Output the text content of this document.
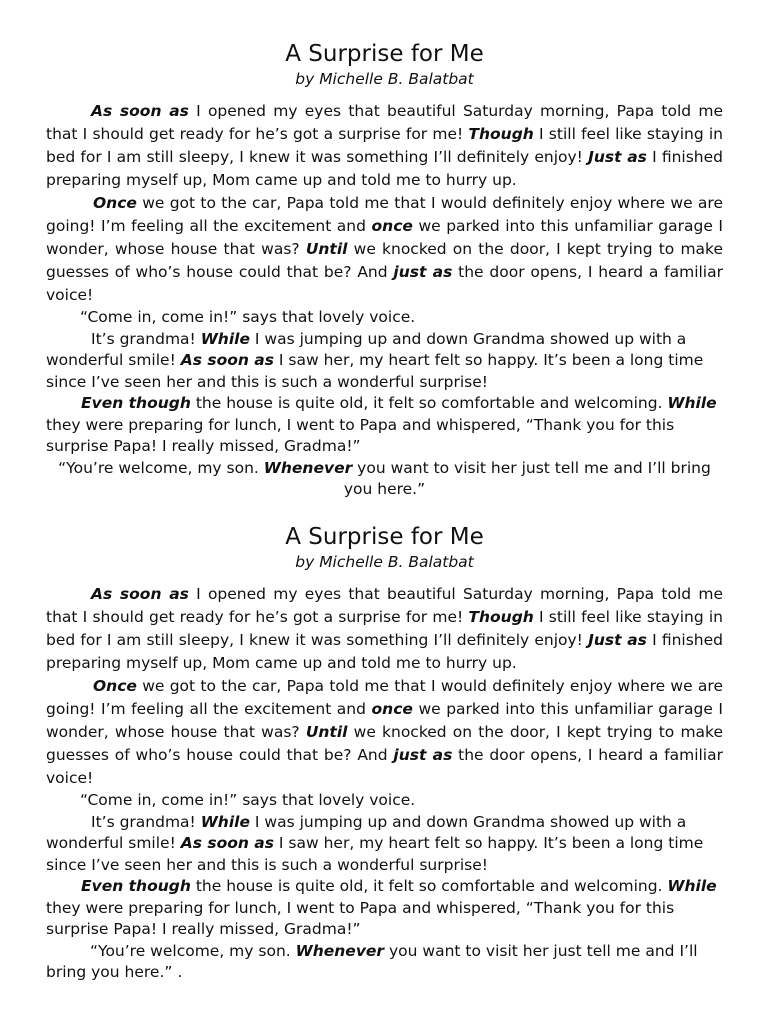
A Surprise for Me
by Michelle B. Balatbat

As soon as I opened my eyes that beautiful Saturday morning, Papa told me that I should get ready for he’s got a surprise for me! Though I still feel like staying in bed for I am still sleepy, I knew it was something I’ll definitely enjoy! Just as I finished preparing myself up, Mom came up and told me to hurry up.

Once we got to the car, Papa told me that I would definitely enjoy where we are going! I’m feeling all the excitement and once we parked into this unfamiliar garage I wonder, whose house that was? Until we knocked on the door, I kept trying to make guesses of who’s house could that be? And just as the door opens, I heard a familiar voice!

“Come in, come in!” says that lovely voice.

It’s grandma! While I was jumping up and down Grandma showed up with a wonderful smile! As soon as I saw her, my heart felt so happy. It’s been a long time since I’ve seen her and this is such a wonderful surprise!

Even though the house is quite old, it felt so comfortable and welcoming. While they were preparing for lunch, I went to Papa and whispered, “Thank you for this surprise Papa! I really missed, Gradma!”

“You’re welcome, my son. Whenever you want to visit her just tell me and I’ll bring you here.”

A Surprise for Me
by Michelle B. Balatbat

As soon as I opened my eyes that beautiful Saturday morning, Papa told me that I should get ready for he’s got a surprise for me! Though I still feel like staying in bed for I am still sleepy, I knew it was something I’ll definitely enjoy! Just as I finished preparing myself up, Mom came up and told me to hurry up.

Once we got to the car, Papa told me that I would definitely enjoy where we are going! I’m feeling all the excitement and once we parked into this unfamiliar garage I wonder, whose house that was? Until we knocked on the door, I kept trying to make guesses of who’s house could that be? And just as the door opens, I heard a familiar voice!

“Come in, come in!” says that lovely voice.

It’s grandma! While I was jumping up and down Grandma showed up with a wonderful smile! As soon as I saw her, my heart felt so happy. It’s been a long time since I’ve seen her and this is such a wonderful surprise!

Even though the house is quite old, it felt so comfortable and welcoming. While they were preparing for lunch, I went to Papa and whispered, “Thank you for this surprise Papa! I really missed, Gradma!”

“You’re welcome, my son. Whenever you want to visit her just tell me and I’ll bring you here.” .
